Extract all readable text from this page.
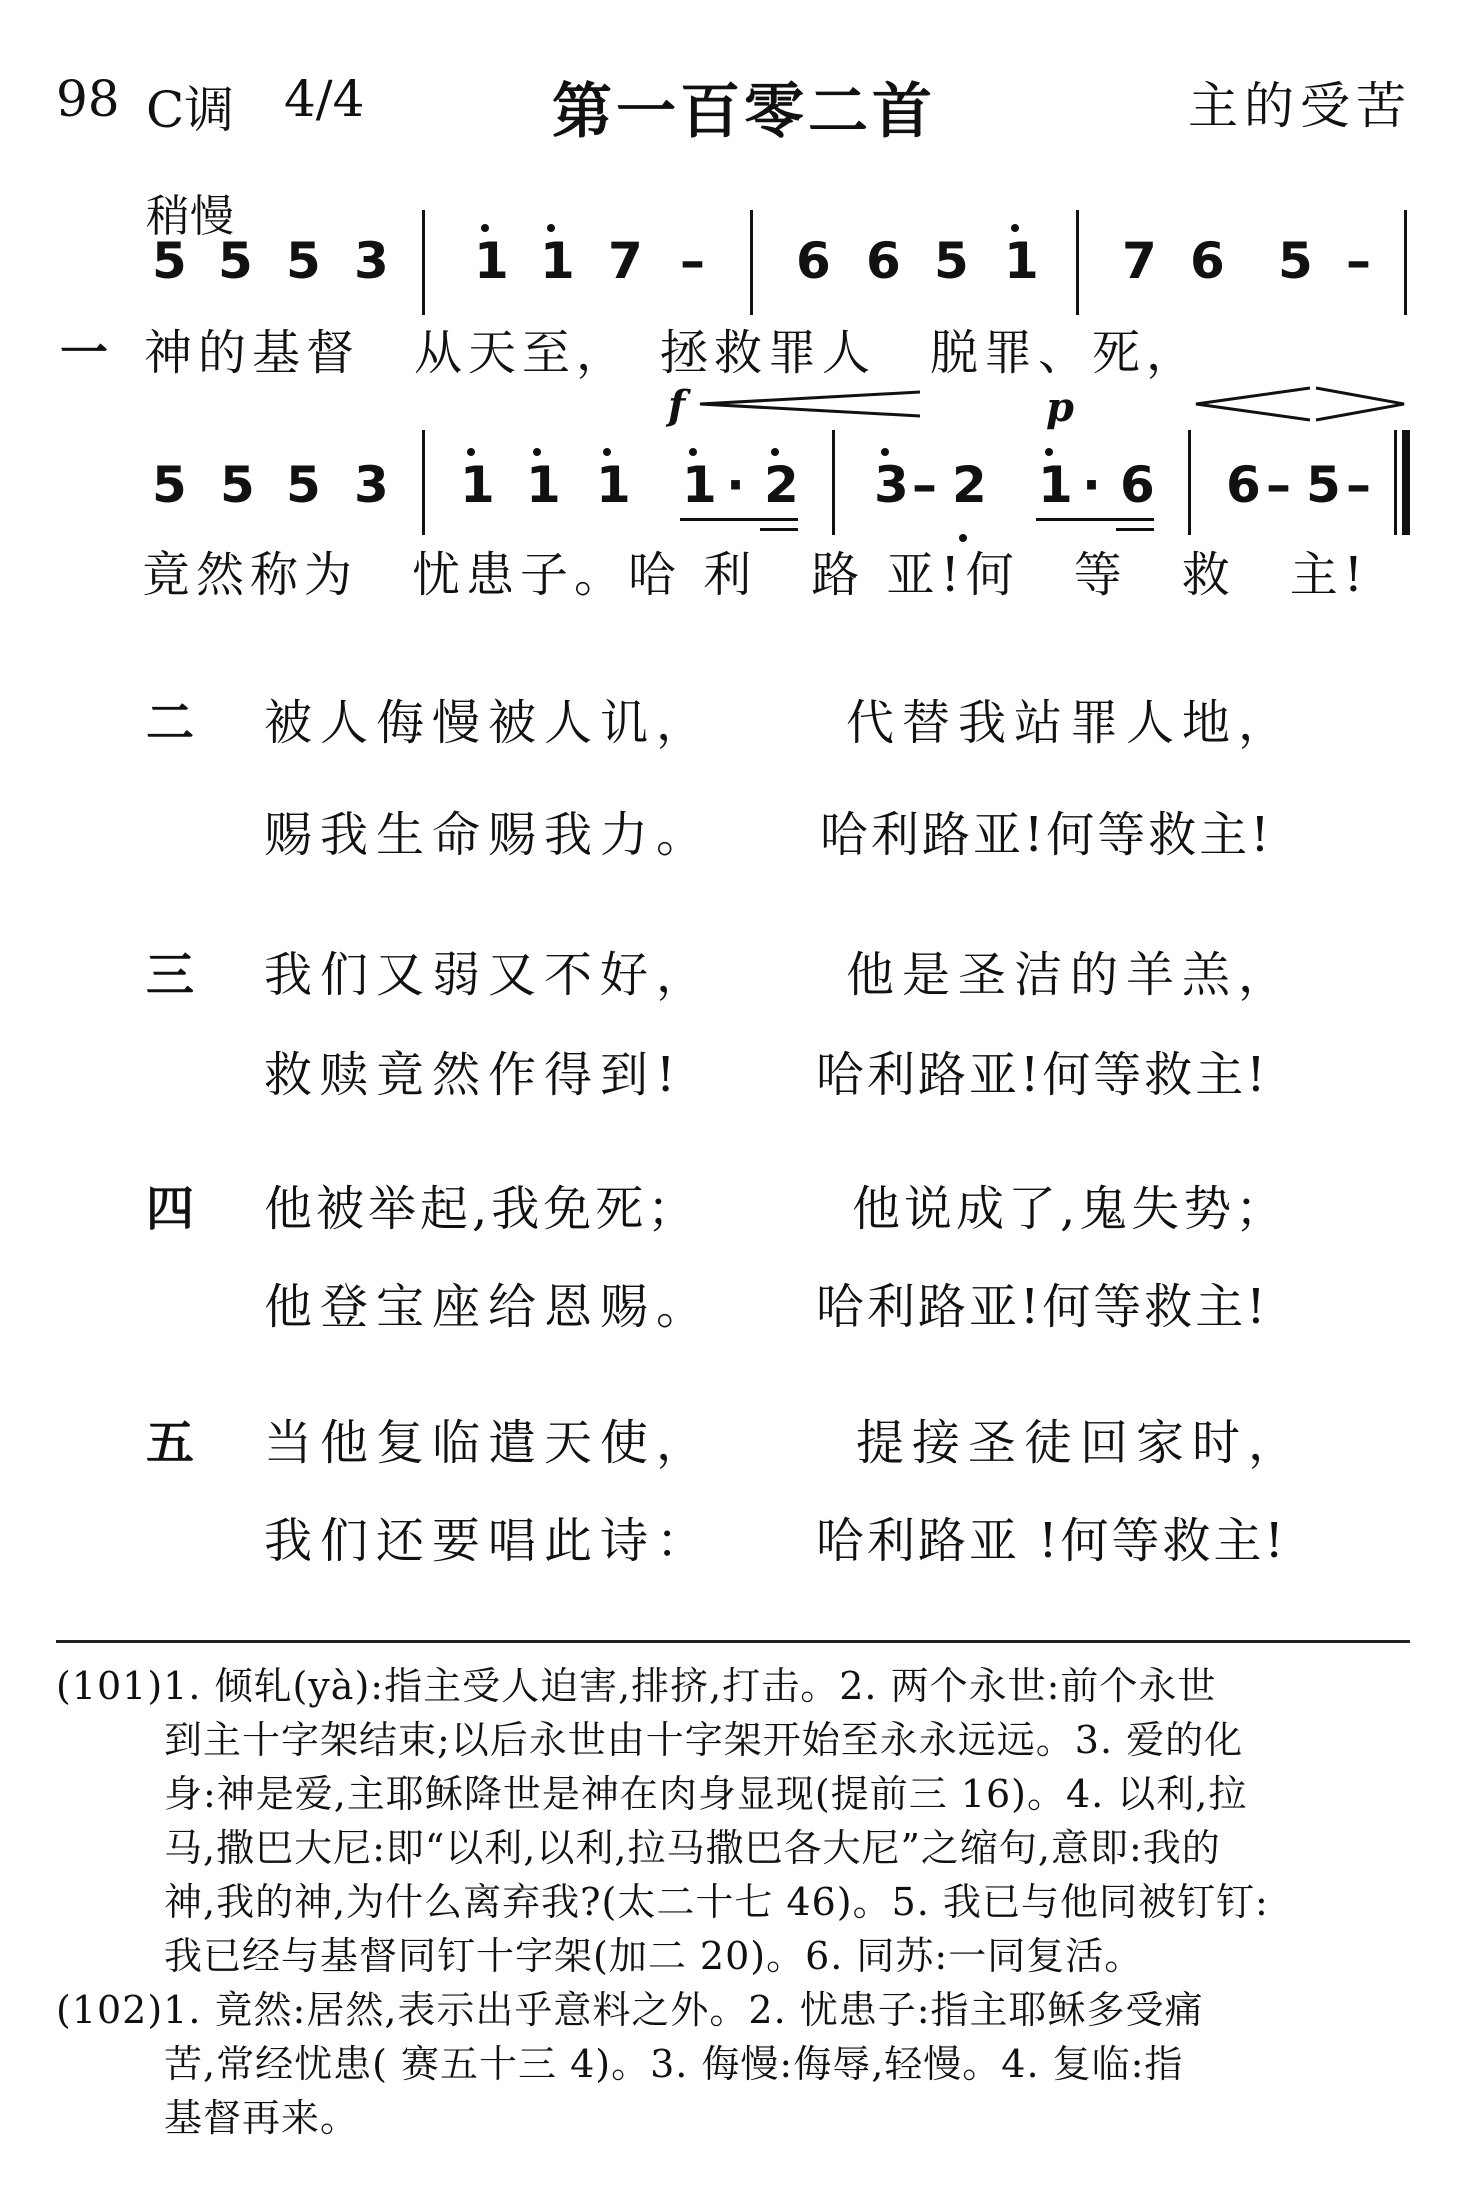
98 C调 4/4	第一百零二首	主的受苦
稍慢
5 5 5 3 1 1 7 – 6 6 5 1 7 6 5 –
一 神的基督　从天至，　拯救罪人　脱罪、死，
f	p
5 5 5 3 1 1 1 1 · 2 3 – 2 1 · 6 6 – 5 –
竟然称为　忧患子。哈 利　路 亚!何　等　救　主!
二 被人侮慢被人讥，	代替我站罪人地，
赐我生命赐我力。 哈利路亚!何等救主!
三 我们又弱又不好，	他是圣洁的羊羔，
救赎竟然作得到!	哈利路亚!何等救主!
四 他被举起,我免死；	他说成了,鬼失势；
他登宝座给恩赐。 哈利路亚!何等救主!
五 当他复临遣天使，	提接圣徒回家时，
我们还要唱此诗： 哈利路亚 !何等救主!
(101)1. 倾轧(yà):指主受人迫害,排挤,打击。2. 两个永世:前个永世
到主十字架结束;以后永世由十字架开始至永永远远。3. 爱的化
身:神是爱,主耶稣降世是神在肉身显现(提前三 16)。4. 以利,拉
马,撒巴大尼:即“以利,以利,拉马撒巴各大尼”之缩句,意即:我的
神,我的神,为什么离弃我?(太二十七 46)。5. 我已与他同被钉钉:
我已经与基督同钉十字架(加二 20)。6. 同苏:一同复活。
(102)1. 竟然:居然,表示出乎意料之外。2. 忧患子:指主耶稣多受痛
苦,常经忧患( 赛五十三 4)。3. 侮慢:侮辱,轻慢。4. 复临:指
基督再来。
